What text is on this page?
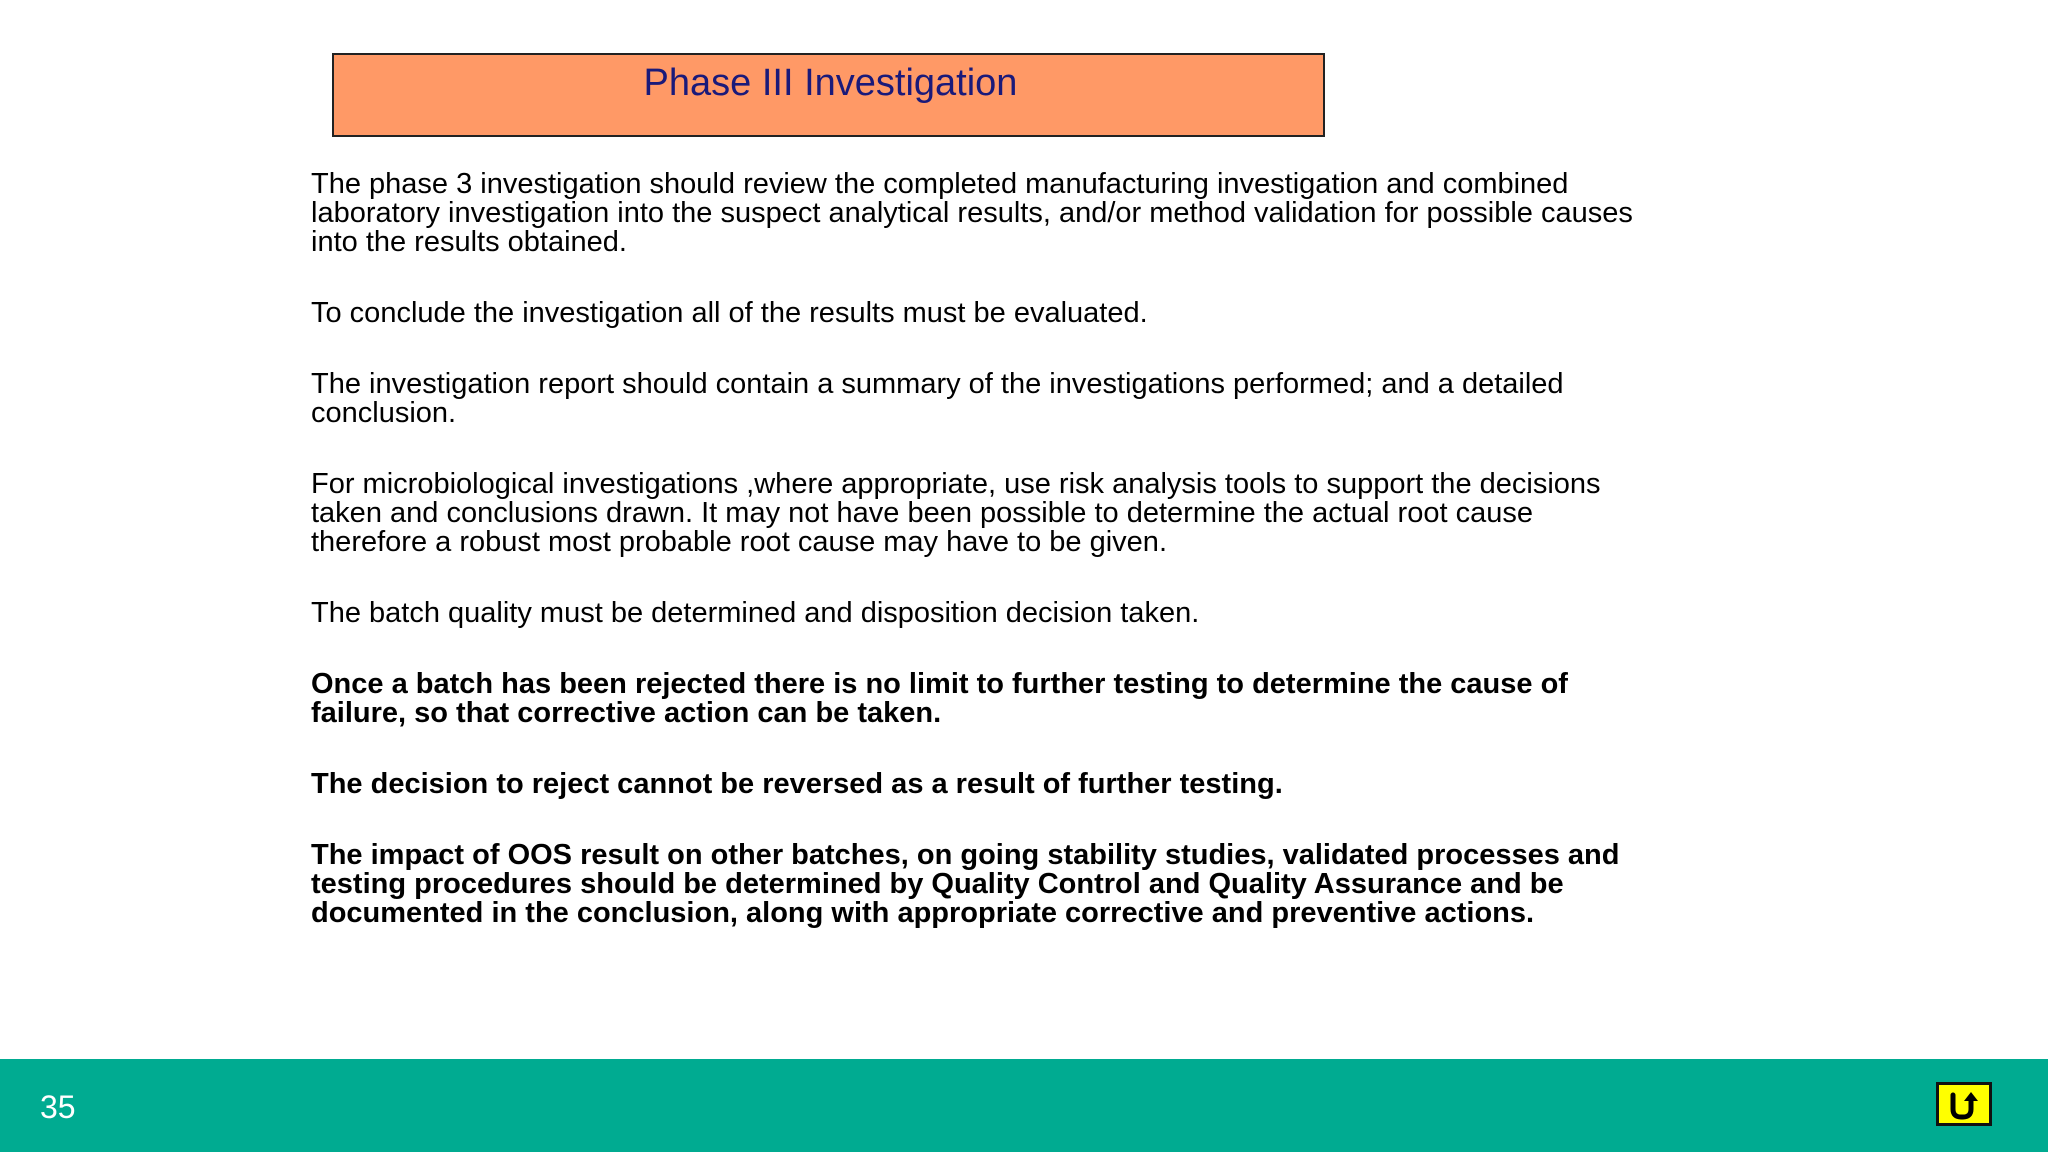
Phase III Investigation

The phase 3 investigation should review the completed manufacturing investigation and combined laboratory investigation into the suspect analytical results, and/or method validation for possible causes into the results obtained.

To conclude the investigation all of the results must be evaluated.

The investigation report should contain a summary of the investigations performed; and a detailed conclusion.

For microbiological investigations ,where appropriate, use risk analysis tools to support the decisions taken and conclusions drawn. It may not have been possible to determine the actual root cause therefore a robust most probable root cause may have to be given.

The batch quality must be determined and disposition decision taken.

Once a batch has been rejected there is no limit to further testing to determine the cause of failure, so that corrective action can be taken.

The decision to reject cannot be reversed as a result of further testing.

The impact of OOS result on other batches, on going stability studies, validated processes and testing procedures should be determined by Quality Control and Quality Assurance and be documented in the conclusion, along with appropriate corrective and preventive actions.

35
